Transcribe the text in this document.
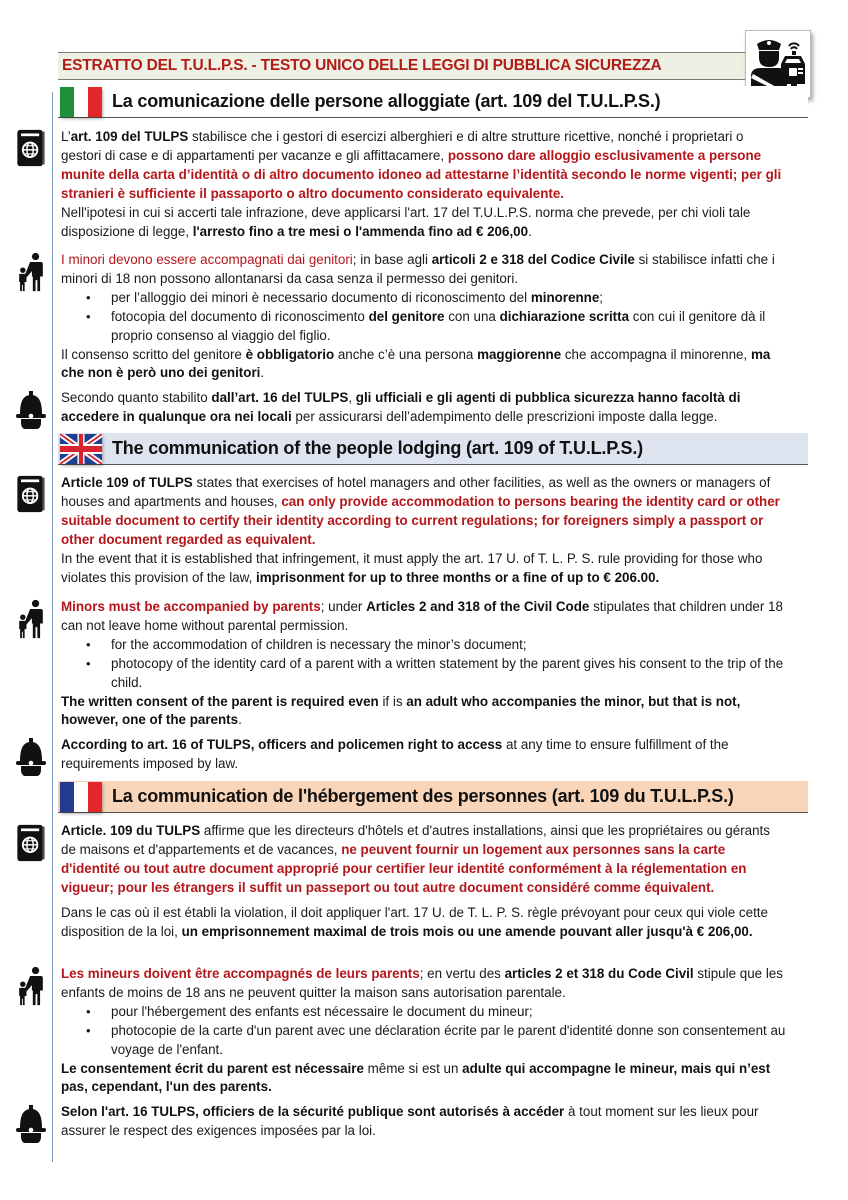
ESTRATTO DEL T.U.L.P.S. - TESTO UNICO DELLE LEGGI DI PUBBLICA SICUREZZA
La comunicazione delle persone alloggiate (art. 109 del T.U.L.P.S.)
L’art. 109 del TULPS stabilisce che i gestori di esercizi alberghieri e di altre strutture ricettive, nonché i proprietari o gestori di case e di appartamenti per vacanze e gli affittacamere, possono dare alloggio esclusivamente a persone munite della carta d’identità o di altro documento idoneo ad attestarne l’identità secondo le norme vigenti; per gli stranieri è sufficiente il passaporto o altro documento considerato equivalente.
Nell'ipotesi in cui si accerti tale infrazione, deve applicarsi l'art. 17 del T.U.L.P.S. norma che prevede, per chi violi tale disposizione di legge, l'arresto fino a tre mesi o l'ammenda fino ad € 206,00.
I minori devono essere accompagnati dai genitori; in base agli articoli 2 e 318 del Codice Civile si stabilisce infatti che i minori di 18 non possono allontanarsi da casa senza il permesso dei genitori.
• per l’alloggio dei minori è necessario documento di riconoscimento del minorenne;
• fotocopia del documento di riconoscimento del genitore con una dichiarazione scritta con cui il genitore dà il proprio consenso al viaggio del figlio.
Il consenso scritto del genitore è obbligatorio anche c’è una persona maggiorenne che accompagna il minorenne, ma che non è però uno dei genitori.
Secondo quanto stabilito dall’art. 16 del TULPS, gli ufficiali e gli agenti di pubblica sicurezza hanno facoltà di accedere in qualunque ora nei locali per assicurarsi dell’adempimento delle prescrizioni imposte dalla legge.
The communication of the people lodging (art. 109 of T.U.L.P.S.)
Article 109 of TULPS states that exercises of hotel managers and other facilities, as well as the owners or managers of houses and apartments and houses, can only provide accommodation to persons bearing the identity card or other suitable document to certify their identity according to current regulations; for foreigners simply a passport or other document regarded as equivalent.
In the event that it is established that infringement, it must apply the art. 17 U. of T. L. P. S. rule providing for those who violates this provision of the law, imprisonment for up to three months or a fine of up to € 206.00.
Minors must be accompanied by parents; under Articles 2 and 318 of the Civil Code stipulates that children under 18 can not leave home without parental permission.
• for the accommodation of children is necessary the minor’s document;
• photocopy of the identity card of a parent with a written statement by the parent gives his consent to the trip of the child.
The written consent of the parent is required even if is an adult who accompanies the minor, but that is not, however, one of the parents.
According to art. 16 of TULPS, officers and policemen right to access at any time to ensure fulfillment of the requirements imposed by law.
La communication de l'hébergement des personnes (art. 109 du T.U.L.P.S.)
Article. 109 du TULPS affirme que les directeurs d'hôtels et d'autres installations, ainsi que les propriétaires ou gérants de maisons et d'appartements et de vacances, ne peuvent fournir un logement aux personnes sans la carte d'identité ou tout autre document approprié pour certifier leur identité conformément à la réglementation en vigueur; pour les étrangers il suffit un passeport ou tout autre document considéré comme équivalent.
Dans le cas où il est établi la violation, il doit appliquer l'art. 17 U. de T. L. P. S. règle prévoyant pour ceux qui viole cette disposition de la loi, un emprisonnement maximal de trois mois ou une amende pouvant aller jusqu'à € 206,00.
Les mineurs doivent être accompagnés de leurs parents; en vertu des articles 2 et 318 du Code Civil stipule que les enfants de moins de 18 ans ne peuvent quitter la maison sans autorisation parentale.
• pour l'hébergement des enfants est nécessaire le document du mineur;
• photocopie de la carte d'un parent avec une déclaration écrite par le parent d'identité donne son consentement au voyage de l'enfant.
Le consentement écrit du parent est nécessaire même si est un adulte qui accompagne le mineur, mais qui n’est pas, cependant, l'un des parents.
Selon l'art. 16 TULPS, officiers de la sécurité publique sont autorisés à accéder à tout moment sur les lieux pour assurer le respect des exigences imposées par la loi.
